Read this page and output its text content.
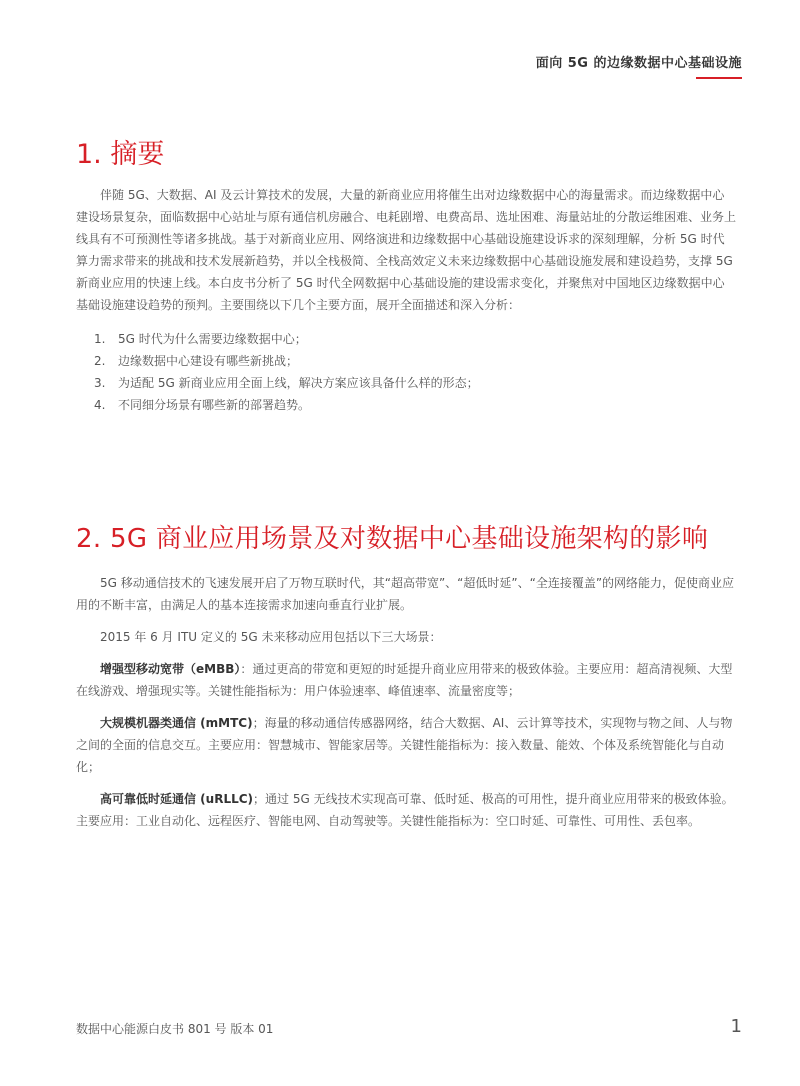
面向 5G 的边缘数据中心基础设施
1. 摘要

伴随 5G、大数据、AI 及云计算技术的发展，大量的新商业应用将催生出对边缘数据中心的海量需求。而边缘数据中心建设场景复杂，面临数据中心站址与原有通信机房融合、电耗剧增、电费高昂、选址困难、海量站址的分散运维困难、业务上线具有不可预测性等诸多挑战。基于对新商业应用、网络演进和边缘数据中心基础设施建设诉求的深刻理解，分析 5G 时代算力需求带来的挑战和技术发展新趋势，并以全栈极简、全栈高效定义未来边缘数据中心基础设施发展和建设趋势，支撑 5G 新商业应用的快速上线。本白皮书分析了 5G 时代全网数据中心基础设施的建设需求变化，并聚焦对中国地区边缘数据中心基础设施建设趋势的预判。主要围绕以下几个主要方面，展开全面描述和深入分析：

1.	5G 时代为什么需要边缘数据中心；
2.	边缘数据中心建设有哪些新挑战；
3.	为适配 5G 新商业应用全面上线，解决方案应该具备什么样的形态；
4.	不同细分场景有哪些新的部署趋势。
2. 5G 商业应用场景及对数据中心基础设施架构的影响

5G 移动通信技术的飞速发展开启了万物互联时代，其“超高带宽”、“超低时延”、“全连接覆盖”的网络能力，促使商业应用的不断丰富，由满足人的基本连接需求加速向垂直行业扩展。

2015 年 6 月 ITU 定义的 5G 未来移动应用包括以下三大场景：

增强型移动宽带（eMBB）：通过更高的带宽和更短的时延提升商业应用带来的极致体验。主要应用：超高清视频、大型在线游戏、增强现实等。关键性能指标为：用户体验速率、峰值速率、流量密度等；

大规模机器类通信 (mMTC)；海量的移动通信传感器网络，结合大数据、AI、云计算等技术，实现物与物之间、人与物之间的全面的信息交互。主要应用：智慧城市、智能家居等。关键性能指标为：接入数量、能效、个体及系统智能化与自动化；

高可靠低时延通信 (uRLLC)；通过 5G 无线技术实现高可靠、低时延、极高的可用性，提升商业应用带来的极致体验。主要应用：工业自动化、远程医疗、智能电网、自动驾驶等。关键性能指标为：空口时延、可靠性、可用性、丢包率。

数据中心能源白皮书 801 号 版本 01	1
